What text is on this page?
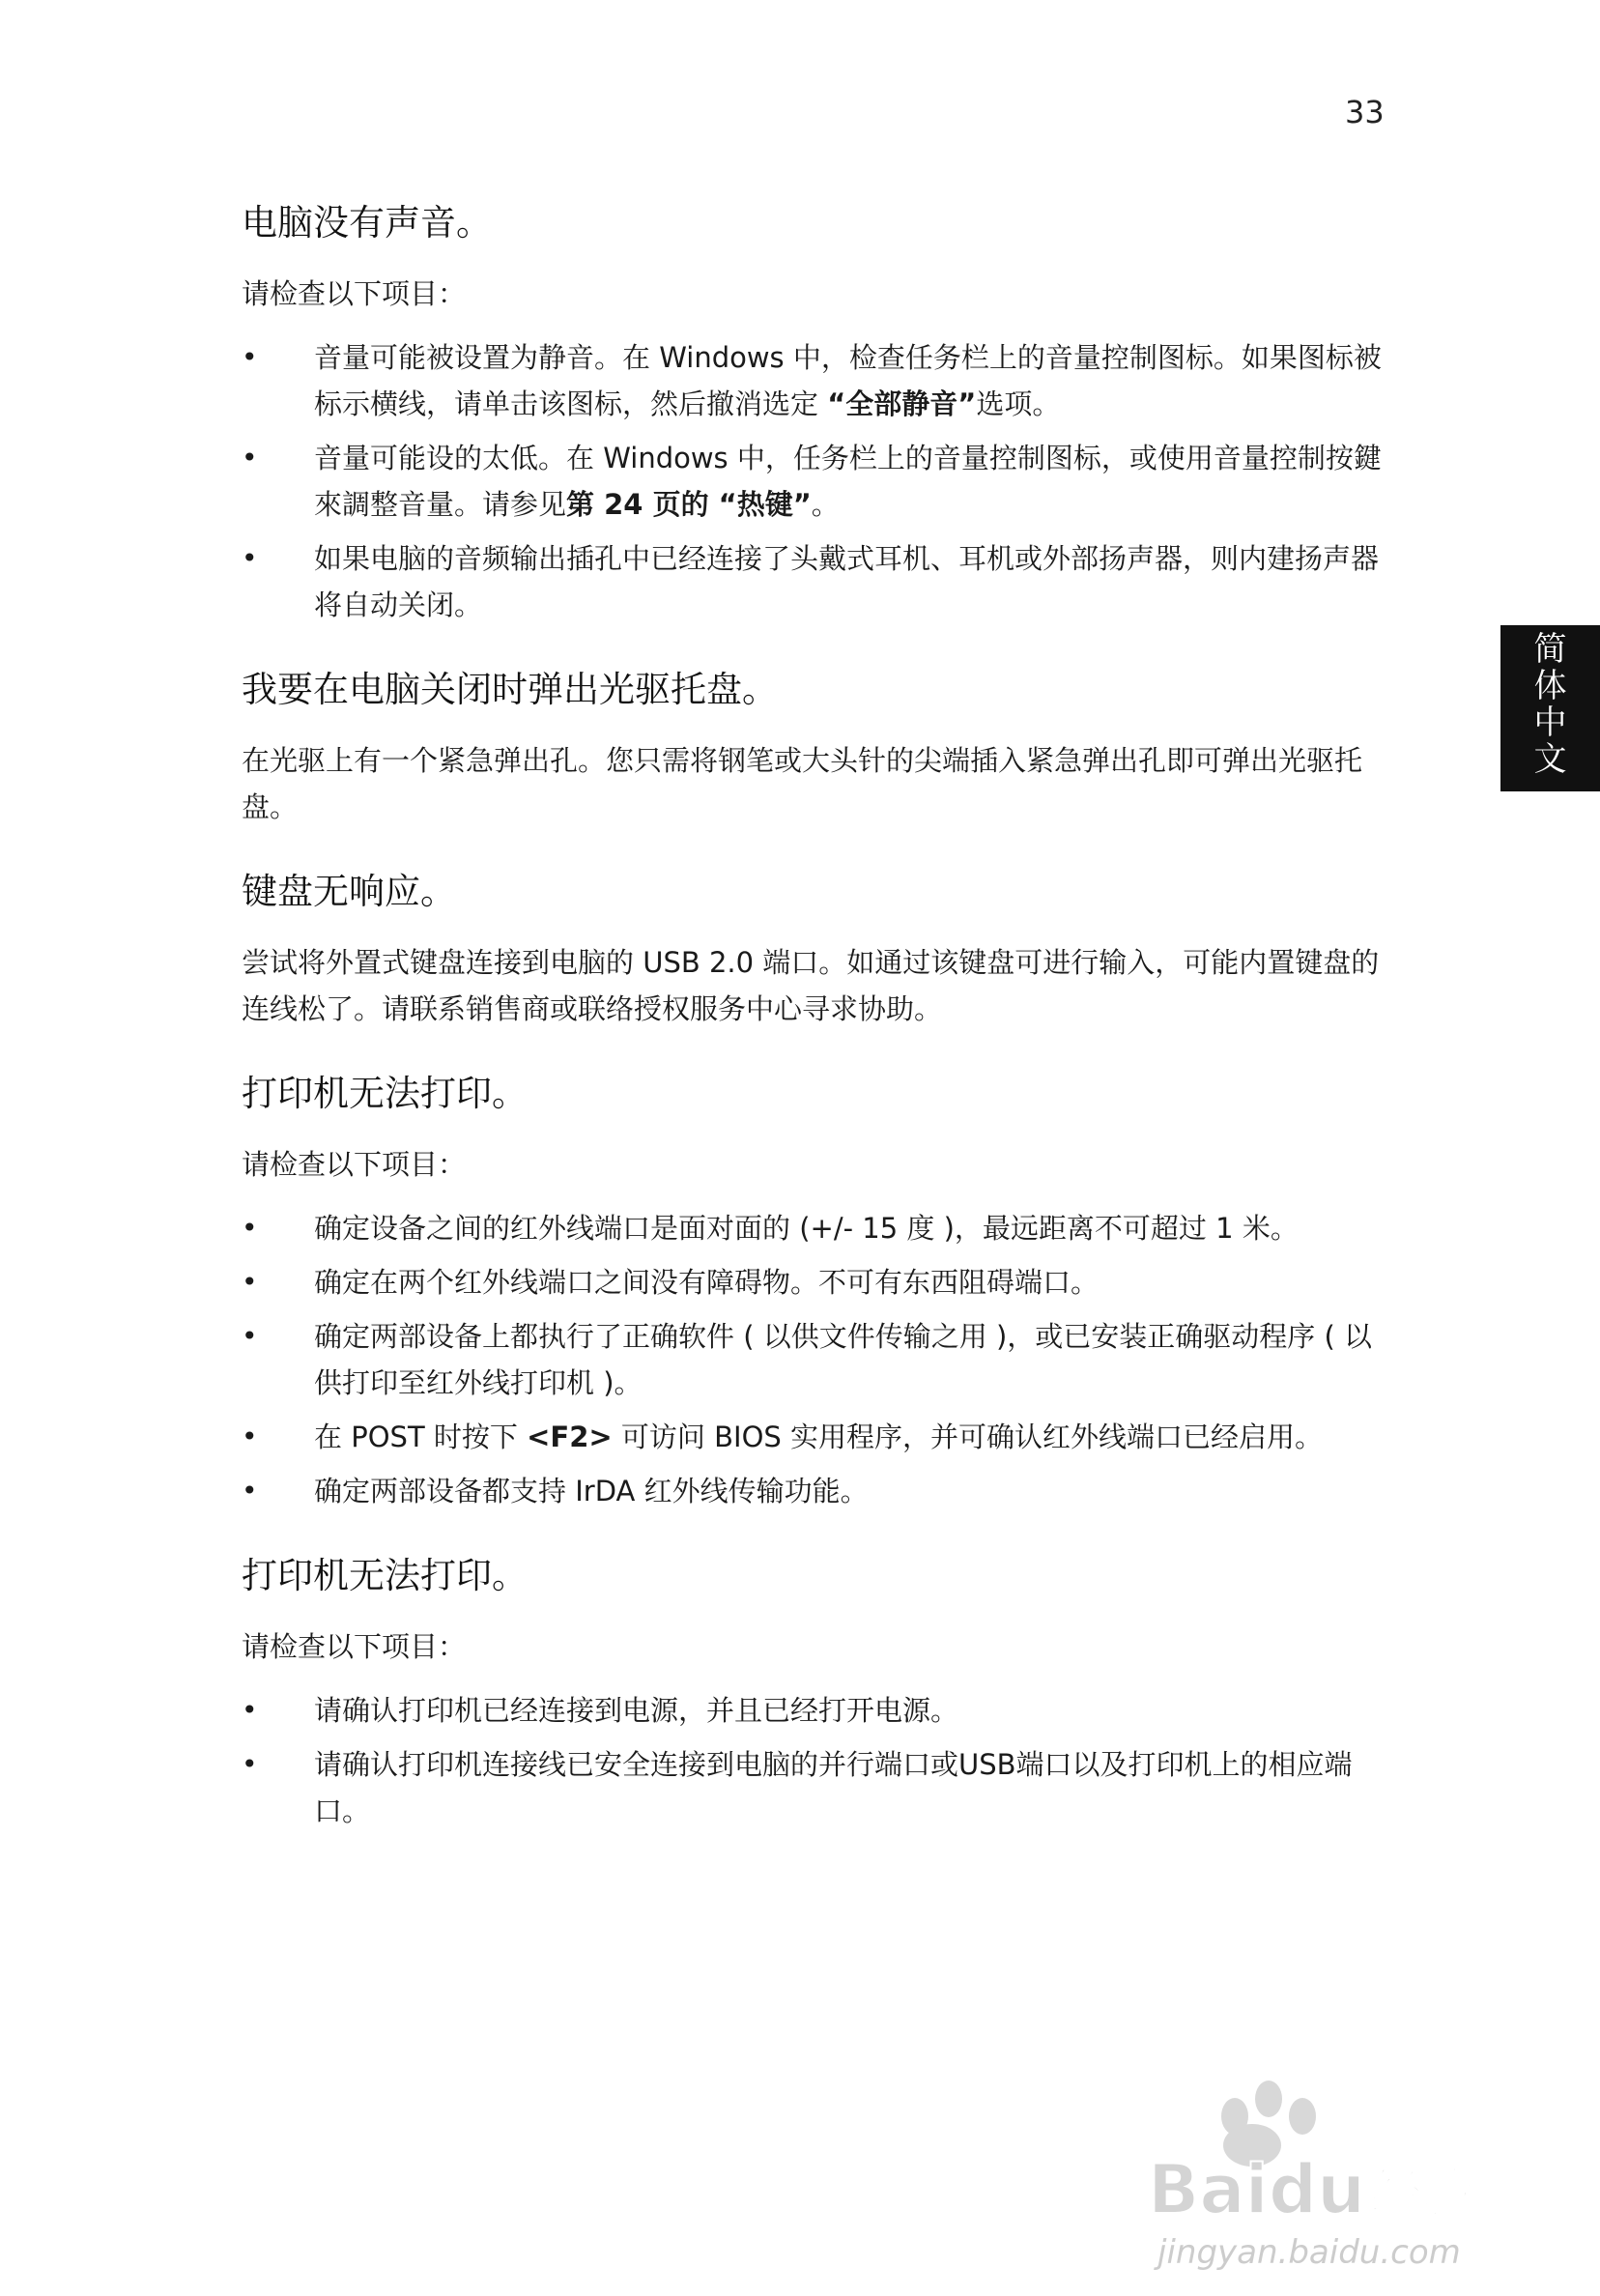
33
简
体
中
文
电脑没有声音。

请检查以下项目：

• 音量可能被设置为静音。在 Windows 中，检查任务栏上的音量控制图标。如果图标被标示横线，请单击该图标，然后撤消选定 “全部静音”选项。
• 音量可能设的太低。在 Windows 中，任务栏上的音量控制图标，或使用音量控制按鍵來調整音量。请参见第 24 页的 “热键”。
• 如果电脑的音频输出插孔中已经连接了头戴式耳机、耳机或外部扬声器，则内建扬声器将自动关闭。
我要在电脑关闭时弹出光驱托盘。

在光驱上有一个紧急弹出孔。您只需将钢笔或大头针的尖端插入紧急弹出孔即可弹出光驱托盘。

键盘无响应。

尝试将外置式键盘连接到电脑的 USB 2.0 端口。如通过该键盘可进行输入，可能内置键盘的连线松了。请联系销售商或联络授权服务中心寻求协助。

打印机无法打印。

请检查以下项目：

• 确定设备之间的红外线端口是面对面的 (+/- 15 度 )，最远距离不可超过 1 米。
• 确定在两个红外线端口之间没有障碍物。不可有东西阻碍端口。
• 确定两部设备上都执行了正确软件 ( 以供文件传输之用 )，或已安装正确驱动程序 ( 以供打印至红外线打印机 )。
• 在 POST 时按下 <F2> 可访问 BIOS 实用程序，并可确认红外线端口已经启用。
• 确定两部设备都支持 IrDA 红外线传输功能。
打印机无法打印。

请检查以下项目：

• 请确认打印机已经连接到电源，并且已经打开电源。
• 请确认打印机连接线已安全连接到电脑的并行端口或USB端口以及打印机上的相应端口。
Bai du 经验
jingyan.baidu.com
